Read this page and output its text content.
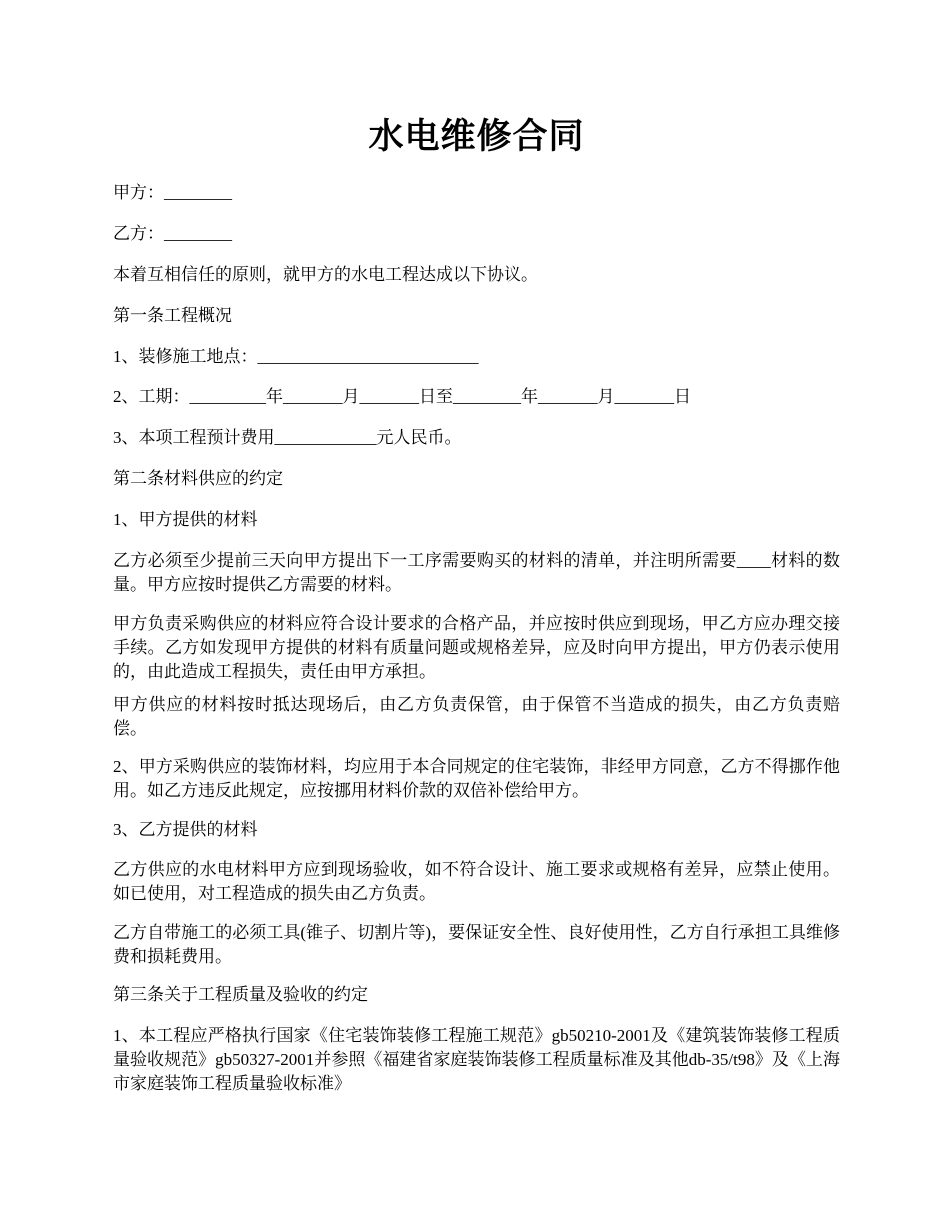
水电维修合同

甲方：________

乙方：________

本着互相信任的原则，就甲方的水电工程达成以下协议。

第一条工程概况

1、装修施工地点：__________________________

2、工期：_________年_______月_______日至________年_______月_______日

3、本项工程预计费用____________元人民币。

第二条材料供应的约定

1、甲方提供的材料

乙方必须至少提前三天向甲方提出下一工序需要购买的材料的清单，并注明所需要____材料的数量。甲方应按时提供乙方需要的材料。

甲方负责采购供应的材料应符合设计要求的合格产品，并应按时供应到现场，甲乙方应办理交接手续。乙方如发现甲方提供的材料有质量问题或规格差异，应及时向甲方提出，甲方仍表示使用的，由此造成工程损失，责任由甲方承担。

甲方供应的材料按时抵达现场后，由乙方负责保管，由于保管不当造成的损失，由乙方负责赔偿。

2、甲方采购供应的装饰材料，均应用于本合同规定的住宅装饰，非经甲方同意，乙方不得挪作他用。如乙方违反此规定，应按挪用材料价款的双倍补偿给甲方。

3、乙方提供的材料

乙方供应的水电材料甲方应到现场验收，如不符合设计、施工要求或规格有差异，应禁止使用。如已使用，对工程造成的损失由乙方负责。

乙方自带施工的必须工具(锥子、切割片等)，要保证安全性、良好使用性，乙方自行承担工具维修费和损耗费用。

第三条关于工程质量及验收的约定

1、本工程应严格执行国家《住宅装饰装修工程施工规范》gb50210-2001及《建筑装饰装修工程质量验收规范》gb50327-2001并参照《福建省家庭装饰装修工程质量标准及其他db-35/t98》及《上海市家庭装饰工程质量验收标准》
